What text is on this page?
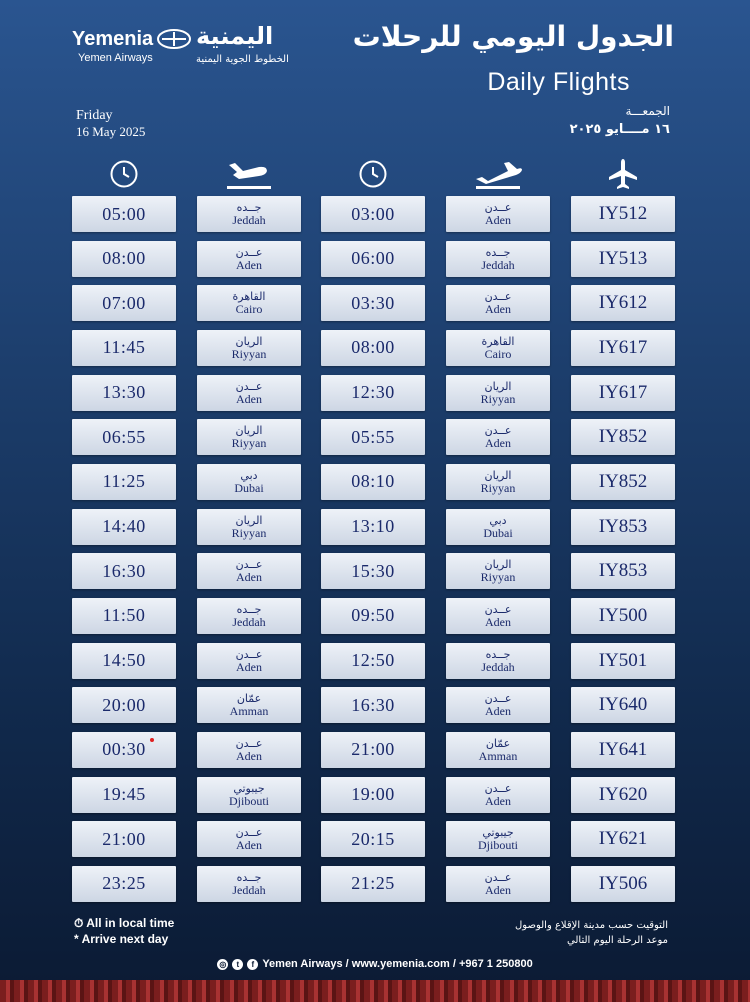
Yemenia
Yemen Airways
اليمنية
الخطوط الجوية اليمنية
الجدول اليومي للرحلات
Daily Flights
Friday
16 May 2025
الجمعـــة
١٦ مــــايو ٢٠٢٥
05:00
08:00
07:00
11:45
13:30
06:55
11:25
14:40
16:30
11:50
14:50
20:00
00:30
19:45
21:00
23:25
جــده
Jeddah
عــدن
Aden
القاهرة
Cairo
الريان
Riyyan
عــدن
Aden
الريان
Riyyan
دبي
Dubai
الريان
Riyyan
عــدن
Aden
جــده
Jeddah
عــدن
Aden
عمّان
Amman
عــدن
Aden
جيبوتي
Djibouti
عــدن
Aden
جــده
Jeddah
03:00
06:00
03:30
08:00
12:30
05:55
08:10
13:10
15:30
09:50
12:50
16:30
21:00
19:00
20:15
21:25
عــدن
Aden
جــده
Jeddah
عــدن
Aden
القاهرة
Cairo
الريان
Riyyan
عــدن
Aden
الريان
Riyyan
دبي
Dubai
الريان
Riyyan
عــدن
Aden
جــده
Jeddah
عــدن
Aden
عمّان
Amman
عــدن
Aden
جيبوتي
Djibouti
عــدن
Aden
IY512
IY513
IY612
IY617
IY617
IY852
IY852
IY853
IY853
IY500
IY501
IY640
IY641
IY620
IY621
IY506
⏱ All in local time
* Arrive next day
التوقيت حسب مدينة الإقلاع والوصول
موعد الرحلة اليوم التالي
◎	t	f Yemen Airways / www.yemenia.com / +967 1 250800
